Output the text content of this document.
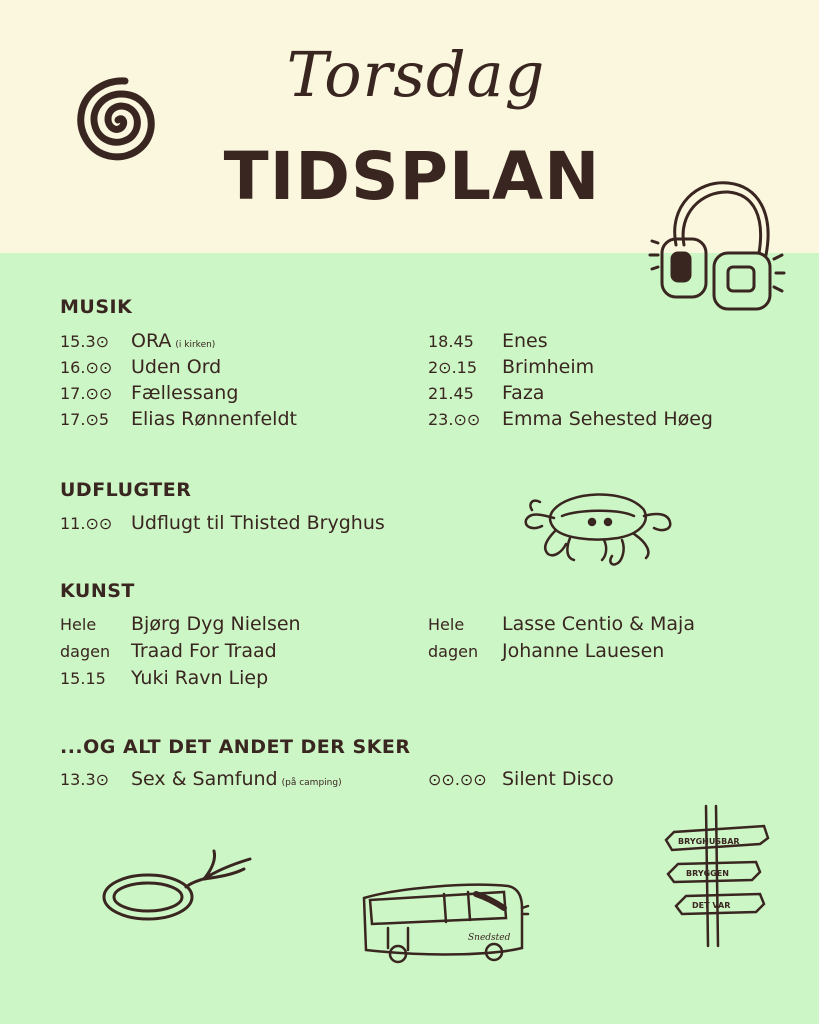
Torsdag
TIDSPLAN
MUSIK
15.3⊙ ORA (i kirken)
16.⊙⊙ Uden Ord
17.⊙⊙ Fællessang
17.⊙5 Elias Rønnenfeldt
18.45 Enes
2⊙.15 Brimheim
21.45 Faza
23.⊙⊙ Emma Sehested Høeg
UDFLUGTER
11.⊙⊙ Udflugt til Thisted Bryghus
KUNST
Hele
dagen
Bjørg Dyg Nielsen
Traad For Traad
15.15 Yuki Ravn Liep
Hele
dagen
Lasse Centio & Maja
Johanne Lauesen
...OG ALT DET ANDET DER SKER
13.3⊙ Sex & Samfund (på camping)	⊙⊙.⊙⊙ Silent Disco
Snedsted
BRYGHUSBAR
BRYGGEN
DET VAR
